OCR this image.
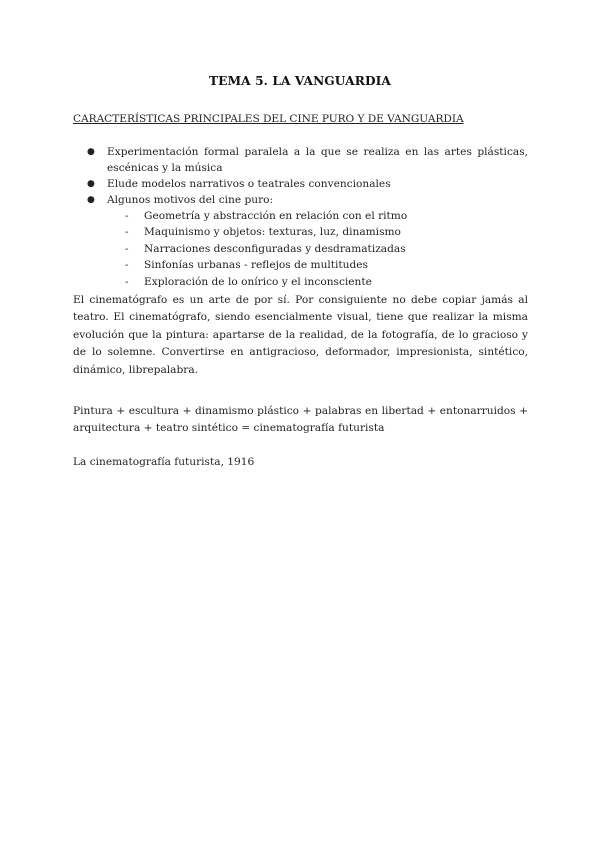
TEMA 5. LA VANGUARDIA
CARACTERÍSTICAS PRINCIPALES DEL CINE PURO Y DE VANGUARDIA
●	Experimentación formal paralela a la que se realiza en las artes plásticas, escénicas y la música
●	Elude modelos narrativos o teatrales convencionales
●	Algunos motivos del cine puro:
-	Geometría y abstracción en relación con el ritmo
-	Maquinismo y objetos: texturas, luz, dinamismo
-	Narraciones desconfiguradas y desdramatizadas
-	Sinfonías urbanas - reflejos de multitudes
-	Exploración de lo onírico y el inconsciente
El cinematógrafo es un arte de por sí. Por consiguiente no debe copiar jamás al teatro. El cinematógrafo, siendo esencialmente visual, tiene que realizar la misma evolución que la pintura: apartarse de la realidad, de la fotografía, de lo gracioso y de lo solemne. Convertirse en antigracioso, deformador, impresionista, sintético, dinámico, librepalabra.
Pintura + escultura + dinamismo plástico + palabras en libertad + entonarruidos + arquitectura + teatro sintético = cinematografía futurista
La cinematografía futurista, 1916
